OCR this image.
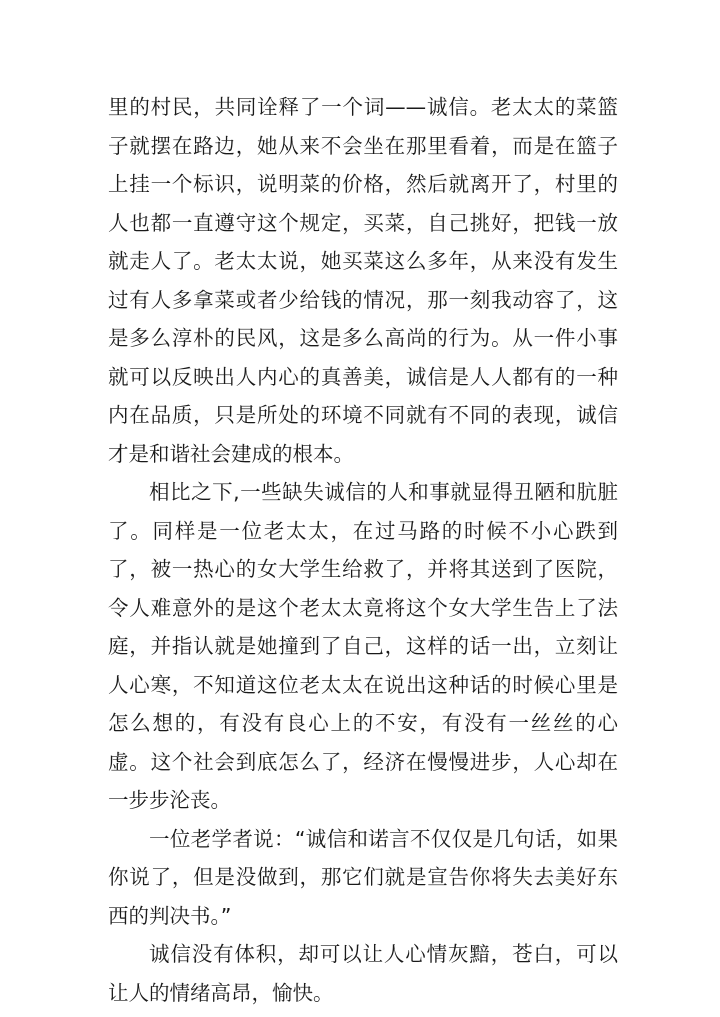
里的村民，共同诠释了一个词——诚信。老太太的菜篮子就摆在路边，她从来不会坐在那里看着，而是在篮子上挂一个标识，说明菜的价格，然后就离开了，村里的人也都一直遵守这个规定，买菜，自己挑好，把钱一放就走人了。老太太说，她买菜这么多年，从来没有发生过有人多拿菜或者少给钱的情况，那一刻我动容了，这是多么淳朴的民风，这是多么高尚的行为。从一件小事就可以反映出人内心的真善美，诚信是人人都有的一种内在品质，只是所处的环境不同就有不同的表现，诚信才是和谐社会建成的根本。

相比之下,一些缺失诚信的人和事就显得丑陋和肮脏了。同样是一位老太太，在过马路的时候不小心跌到了，被一热心的女大学生给救了，并将其送到了医院，令人难意外的是这个老太太竟将这个女大学生告上了法庭，并指认就是她撞到了自己，这样的话一出，立刻让人心寒，不知道这位老太太在说出这种话的时候心里是怎么想的，有没有良心上的不安，有没有一丝丝的心虚。这个社会到底怎么了，经济在慢慢进步，人心却在一步步沦丧。

一位老学者说：“诚信和诺言不仅仅是几句话，如果你说了，但是没做到，那它们就是宣告你将失去美好东西的判决书。”

诚信没有体积，却可以让人心情灰黯，苍白，可以让人的情绪高昂，愉快。
